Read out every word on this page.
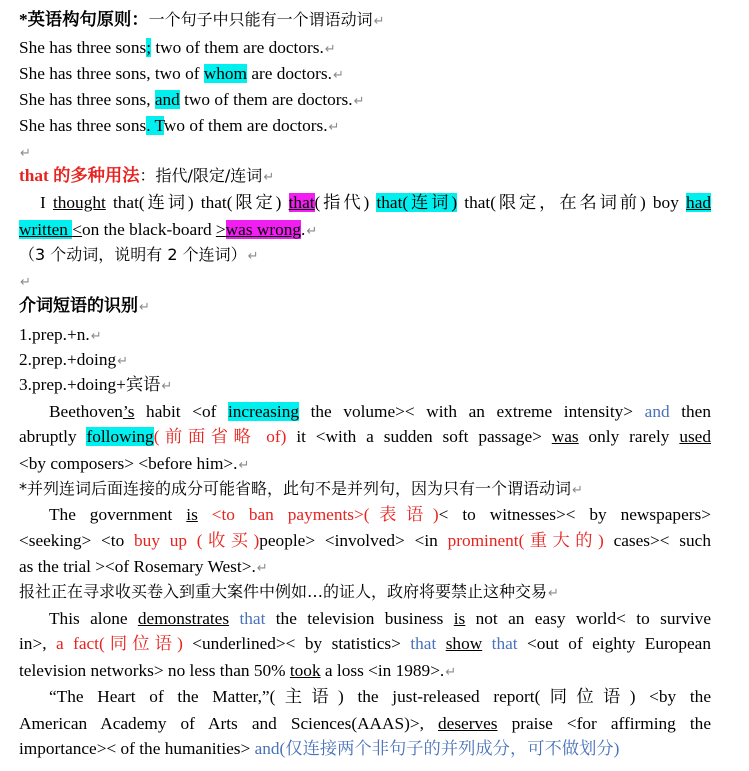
*英语构句原则：一个句子中只能有一个谓语动词↵
She has three sons; two of them are doctors.↵
She has three sons, two of whom are doctors.↵
She has three sons, and two of them are doctors.↵
She has three sons. Two of them are doctors.↵
↵
that 的多种用法：指代/限定/连词↵
I thought that(连词) that(限定) that(指代) that(连词) that(限定，在名词前) boy had
written <on the black-board >was wrong.↵
（3 个动词，说明有 2 个连词）↵
↵
介词短语的识别↵
1.prep.+n.↵
2.prep.+doing↵
3.prep.+doing+宾语↵
Beethoven’s habit <of increasing the volume>< with an extreme intensity> and then
abruptly following(前面省略 of) it <with a sudden soft passage> was only rarely used
<by composers> <before him>.↵
*并列连词后面连接的成分可能省略，此句不是并列句，因为只有一个谓语动词↵
The government is <to ban payments>(表语)< to witnesses>< by newspapers>
<seeking> <to buy up (收买)people> <involved> <in prominent(重大的) cases>< such
as the trial ><of Rosemary West>.↵
报社正在寻求收买卷入到重大案件中例如…的证人，政府将要禁止这种交易↵
This alone demonstrates that the television business is not an easy world< to survive
in>, a fact(同位语) <underlined>< by statistics> that show that <out of eighty European
television networks> no less than 50% took a loss <in 1989>.↵
“The Heart of the Matter,”(主语) the just-released report(同位语) <by the
American Academy of Arts and Sciences(AAAS)>, deserves praise <for affirming the
importance>< of the humanities> and(仅连接两个非句子的并列成分，可不做划分)
